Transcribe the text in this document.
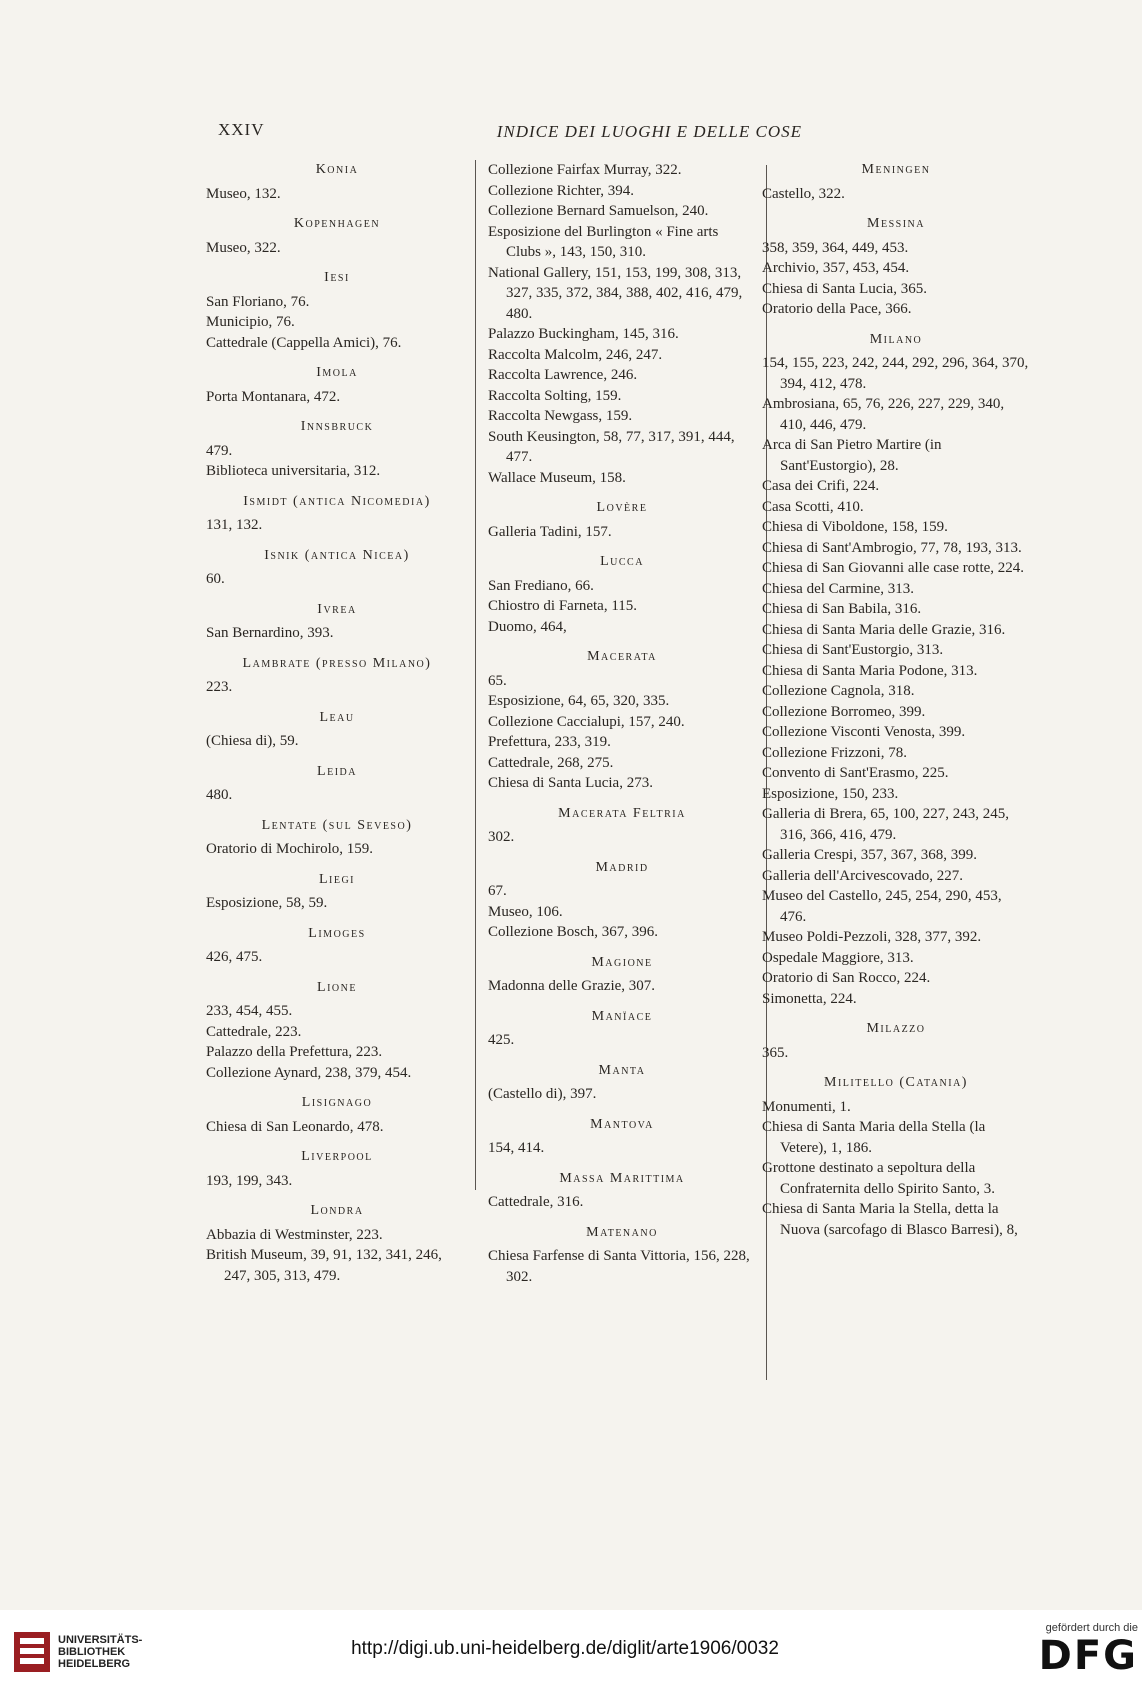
XXIV	INDICE DEI LUOGHI E DELLE COSE
Konia
Museo, 132.
Kopenhagen
Museo, 322.
Iesi
San Floriano, 76.
Municipio, 76.
Cattedrale (Cappella Amici), 76.
Imola
Porta Montanara, 472.
Innsbruck
479.
Biblioteca universitaria, 312.
Ismidt (antica Nicomedia)
131, 132.
Isnik (antica Nicea)
60.
Ivrea
San Bernardino, 393.
Lambrate (presso Milano)
223.
Leau
(Chiesa di), 59.
Leida
480.
Lentate (sul Seveso)
Oratorio di Mochirolo, 159.
Liegi
Esposizione, 58, 59.
Limoges
426, 475.
Lione
233, 454, 455.
Cattedrale, 223.
Palazzo della Prefettura, 223.
Collezione Aynard, 238, 379, 454.
Lisignago
Chiesa di San Leonardo, 478.
Liverpool
193, 199, 343.
Londra
Abbazia di Westminster, 223.
British Museum, 39, 91, 132, 341, 246, 247, 305, 313, 479.
Collezione Fairfax Murray, 322.
Collezione Richter, 394.
Collezione Bernard Samuelson, 240.
Esposizione del Burlington « Fine arts Clubs », 143, 150, 310.
National Gallery, 151, 153, 199, 308, 313, 327, 335, 372, 384, 388, 402, 416, 479, 480.
Palazzo Buckingham, 145, 316.
Raccolta Malcolm, 246, 247.
Raccolta Lawrence, 246.
Raccolta Solting, 159.
Raccolta Newgass, 159.
South Keusington, 58, 77, 317, 391, 444, 477.
Wallace Museum, 158.
Lovère
Galleria Tadini, 157.
Lucca
San Frediano, 66.
Chiostro di Farneta, 115.
Duomo, 464,
Macerata
65.
Esposizione, 64, 65, 320, 335.
Collezione Caccialupi, 157, 240.
Prefettura, 233, 319.
Cattedrale, 268, 275.
Chiesa di Santa Lucia, 273.
Macerata Feltria
302.
Madrid
67.
Museo, 106.
Collezione Bosch, 367, 396.
Magione
Madonna delle Grazie, 307.
Manïace
425.
Manta
(Castello di), 397.
Mantova
154, 414.
Massa Marittima
Cattedrale, 316.
Matenano
Chiesa Farfense di Santa Vittoria, 156, 228, 302.
Meningen
Castello, 322.
Messina
358, 359, 364, 449, 453.
Archivio, 357, 453, 454.
Chiesa di Santa Lucia, 365.
Oratorio della Pace, 366.
Milano
154, 155, 223, 242, 244, 292, 296, 364, 370, 394, 412, 478.
Ambrosiana, 65, 76, 226, 227, 229, 340, 410, 446, 479.
Arca di San Pietro Martire (in Sant'Eustorgio), 28.
Casa dei Crifi, 224.
Casa Scotti, 410.
Chiesa di Viboldone, 158, 159.
Chiesa di Sant'Ambrogio, 77, 78, 193, 313.
Chiesa di San Giovanni alle case rotte, 224.
Chiesa del Carmine, 313.
Chiesa di San Babila, 316.
Chiesa di Santa Maria delle Grazie, 316.
Chiesa di Sant'Eustorgio, 313.
Chiesa di Santa Maria Podone, 313.
Collezione Cagnola, 318.
Collezione Borromeo, 399.
Collezione Visconti Venosta, 399.
Collezione Frizzoni, 78.
Convento di Sant'Erasmo, 225.
Esposizione, 150, 233.
Galleria di Brera, 65, 100, 227, 243, 245, 316, 366, 416, 479.
Galleria Crespi, 357, 367, 368, 399.
Galleria dell'Arcivescovado, 227.
Museo del Castello, 245, 254, 290, 453, 476.
Museo Poldi-Pezzoli, 328, 377, 392.
Ospedale Maggiore, 313.
Oratorio di San Rocco, 224.
Simonetta, 224.
Milazzo
365.
Militello (Catania)
Monumenti, 1.
Chiesa di Santa Maria della Stella (la Vetere), 1, 186.
Grottone destinato a sepoltura della Confraternita dello Spirito Santo, 3.
Chiesa di Santa Maria la Stella, detta la Nuova (sarcofago di Blasco Barresi), 8,
UNIVERSITÄTS-
BIBLIOTHEK
HEIDELBERG
http://digi.ub.uni-heidelberg.de/diglit/arte1906/0032
gefördert durch die
DFG
